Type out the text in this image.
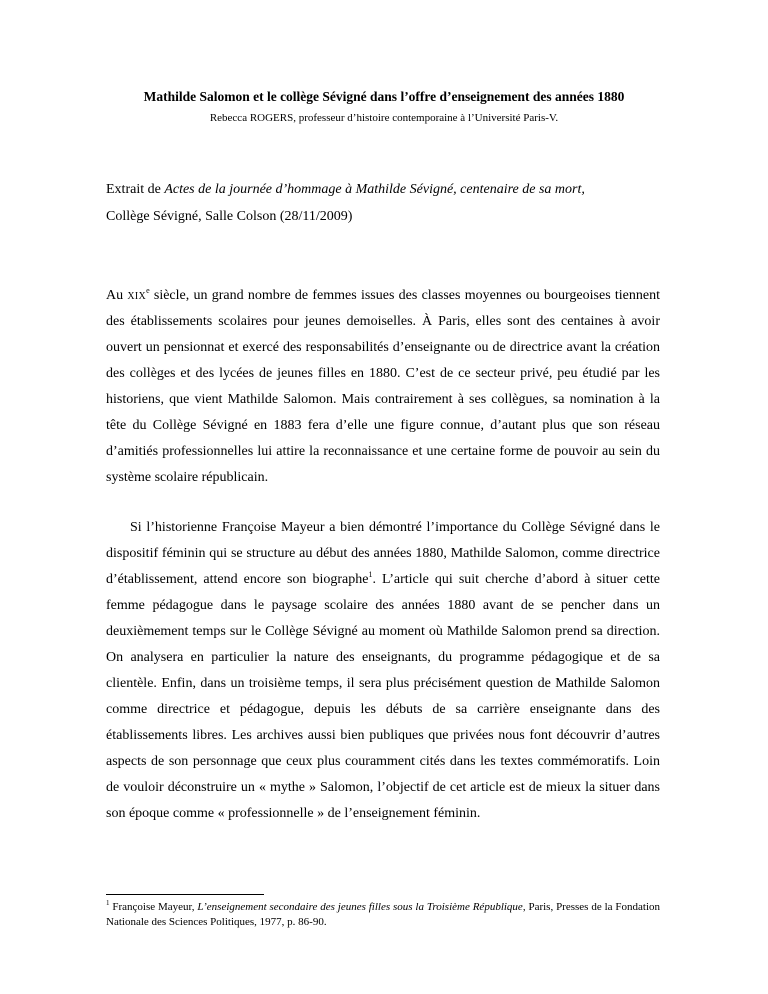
Mathilde Salomon et le collège Sévigné dans l’offre d’enseignement des années 1880
Rebecca ROGERS, professeur d’histoire contemporaine à l’Université Paris-V.
Extrait de Actes de la journée d’hommage à Mathilde Sévigné, centenaire de sa mort,
Collège Sévigné, Salle Colson (28/11/2009)

Au xix$^e$ siècle, un grand nombre de femmes issues des classes moyennes ou bourgeoises tiennent des établissements scolaires pour jeunes demoiselles. À Paris, elles sont des centaines à avoir ouvert un pensionnat et exercé des responsabilités d’enseignante ou de directrice avant la création des collèges et des lycées de jeunes filles en 1880. C’est de ce secteur privé, peu étudié par les historiens, que vient Mathilde Salomon. Mais contrairement à ses collègues, sa nomination à la tête du Collège Sévigné en 1883 fera d’elle une figure connue, d’autant plus que son réseau d’amitiés professionnelles lui attire la reconnaissance et une certaine forme de pouvoir au sein du système scolaire républicain.

Si l’historienne Françoise Mayeur a bien démontré l’importance du Collège Sévigné dans le dispositif féminin qui se structure au début des années 1880, Mathilde Salomon, comme directrice d’établissement, attend encore son biographe$^1$. L’article qui suit cherche d’abord à situer cette femme pédagogue dans le paysage scolaire des années 1880 avant de se pencher dans un deuxièmement temps sur le Collège Sévigné au moment où Mathilde Salomon prend sa direction. On analysera en particulier la nature des enseignants, du programme pédagogique et de sa clientèle. Enfin, dans un troisième temps, il sera plus précisément question de Mathilde Salomon comme directrice et pédagogue, depuis les débuts de sa carrière enseignante dans des établissements libres. Les archives aussi bien publiques que privées nous font découvrir d’autres aspects de son personnage que ceux plus couramment cités dans les textes commémoratifs. Loin de vouloir déconstruire un « mythe » Salomon, l’objectif de cet article est de mieux la situer dans son époque comme « professionnelle » de l’enseignement féminin.

$^1$ Françoise Mayeur, L’enseignement secondaire des jeunes filles sous la Troisième République, Paris, Presses de la Fondation Nationale des Sciences Politiques, 1977, p. 86-90.
